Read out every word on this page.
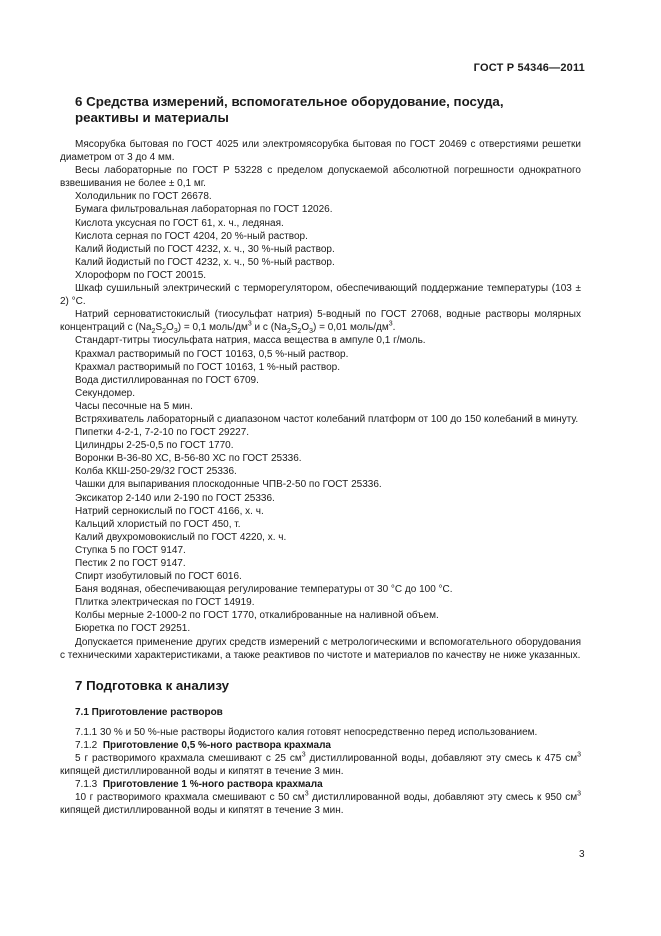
ГОСТ Р 54346—2011
6 Средства измерений, вспомогательное оборудование, посуда,
реактивы и материалы

Мясорубка бытовая по ГОСТ 4025 или электромясорубка бытовая по ГОСТ 20469 с отверстиями решетки диаметром от 3 до 4 мм.

Весы лабораторные по ГОСТ Р 53228 с пределом допускаемой абсолютной погрешности однократного взвешивания не более ± 0,1 мг.

Холодильник по ГОСТ 26678.
Бумага фильтровальная лабораторная по ГОСТ 12026.
Кислота уксусная по ГОСТ 61, х. ч., ледяная.
Кислота серная по ГОСТ 4204, 20 %-ный раствор.
Калий йодистый по ГОСТ 4232, х. ч., 30 %-ный раствор.
Калий йодистый по ГОСТ 4232, х. ч., 50 %-ный раствор.
Хлороформ по ГОСТ 20015.

Шкаф сушильный электрический с терморегулятором, обеспечивающий поддержание температуры (103 ± 2) °С.

Натрий серноватистокислый (тиосульфат натрия) 5-водный по ГОСТ 27068, водные растворы молярных концентраций с $(Na_2S_2O_3) = 0,1$ моль/$дм^3$ и с $(Na_2S_2O_3) = 0,01$ моль/$дм^3$.

Стандарт-титры тиосульфата натрия, масса вещества в ампуле 0,1 г/моль.
Крахмал растворимый по ГОСТ 10163, 0,5 %-ный раствор.
Крахмал растворимый по ГОСТ 10163, 1 %-ный раствор.
Вода дистиллированная по ГОСТ 6709.
Секундомер.
Часы песочные на 5 мин.

Встряхиватель лабораторный с диапазоном частот колебаний платформ от 100 до 150 колебаний в минуту.

Пипетки 4-2-1, 7-2-10 по ГОСТ 29227.
Цилиндры 2-25-0,5 по ГОСТ 1770.
Воронки В-36-80 ХС, В-56-80 ХС по ГОСТ 25336.
Колба ККШ-250-29/32 ГОСТ 25336.
Чашки для выпаривания плоскодонные ЧПВ-2-50 по ГОСТ 25336.
Эксикатор 2-140 или 2-190 по ГОСТ 25336.
Натрий сернокислый по ГОСТ 4166, х. ч.
Кальций хлористый по ГОСТ 450, т.
Калий двухромовокислый по ГОСТ 4220, х. ч.
Ступка 5 по ГОСТ 9147.
Пестик 2 по ГОСТ 9147.
Спирт изобутиловый по ГОСТ 6016.
Баня водяная, обеспечивающая регулирование температуры от 30 °С до 100 °С.
Плитка электрическая по ГОСТ 14919.
Колбы мерные 2-1000-2 по ГОСТ 1770, откалиброванные на наливной объем.
Бюретка по ГОСТ 29251.

Допускается применение других средств измерений с метрологическими и вспомогательного оборудования с техническими характеристиками, а также реактивов по чистоте и материалов по качеству не ниже указанных.

7 Подготовка к анализу
7.1 Приготовление растворов

7.1.1 30 % и 50 %-ные растворы йодистого калия готовят непосредственно перед использованием.

7.1.2 Приготовление 0,5 %-ного раствора крахмала

5 г растворимого крахмала смешивают с 25 $см^3$ дистиллированной воды, добавляют эту смесь к 475 $см^3$ кипящей дистиллированной воды и кипятят в течение 3 мин.

7.1.3 Приготовление 1 %-ного раствора крахмала

10 г растворимого крахмала смешивают с 50 $см^3$ дистиллированной воды, добавляют эту смесь к 950 $см^3$ кипящей дистиллированной воды и кипятят в течение 3 мин.

3
